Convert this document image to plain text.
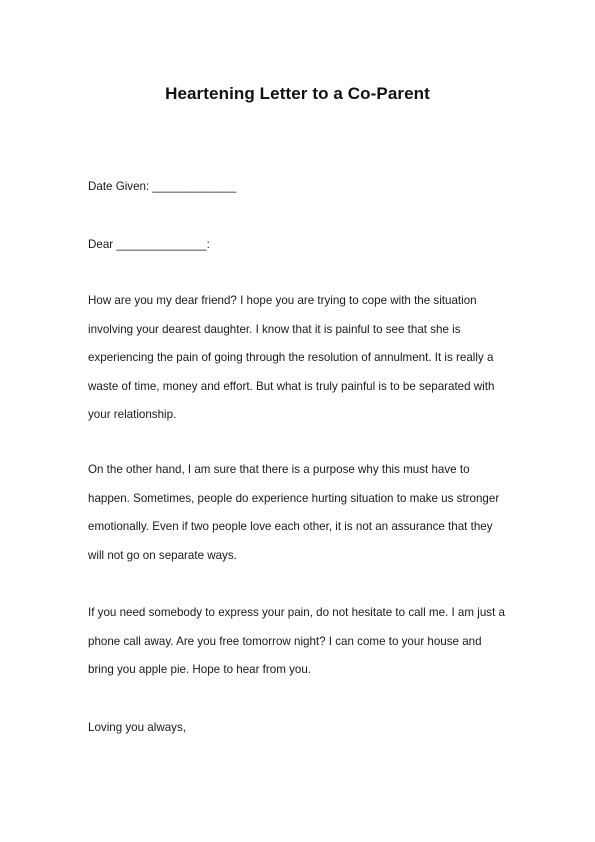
Heartening Letter to a Co-Parent
Date Given: _____________
Dear ______________:
How are you my dear friend? I hope you are trying to cope with the situation
involving your dearest daughter. I know that it is painful to see that she is
experiencing the pain of going through the resolution of annulment. It is really a
waste of time, money and effort. But what is truly painful is to be separated with
your relationship.
On the other hand, I am sure that there is a purpose why this must have to
happen. Sometimes, people do experience hurting situation to make us stronger
emotionally. Even if two people love each other, it is not an assurance that they
will not go on separate ways.
If you need somebody to express your pain, do not hesitate to call me. I am just a
phone call away. Are you free tomorrow night? I can come to your house and
bring you apple pie. Hope to hear from you.
Loving you always,
